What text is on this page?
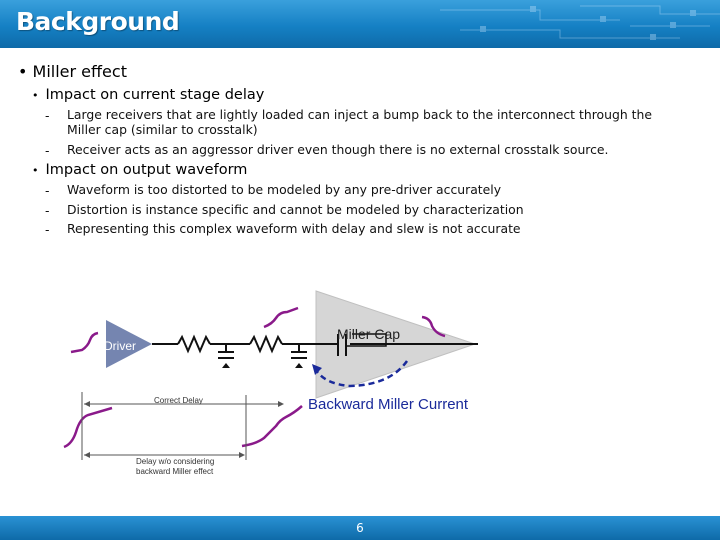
Background
• Miller effect
•  Impact on current stage delay
- Large receivers that are lightly loaded can inject a bump back to the interconnect through the
Miller cap (similar to crosstalk)
- Receiver acts as an aggressor driver even though there is no external crosstalk source.
•  Impact on output waveform
- Waveform is too distorted to be modeled by any pre-driver accurately
- Distortion is instance specific and cannot be modeled by characterization
- Representing this complex waveform with delay and slew is not accurate
Driver
Miller Cap
Backward Miller Current
Correct Delay
Delay w/o considering
backward Miller effect
6
